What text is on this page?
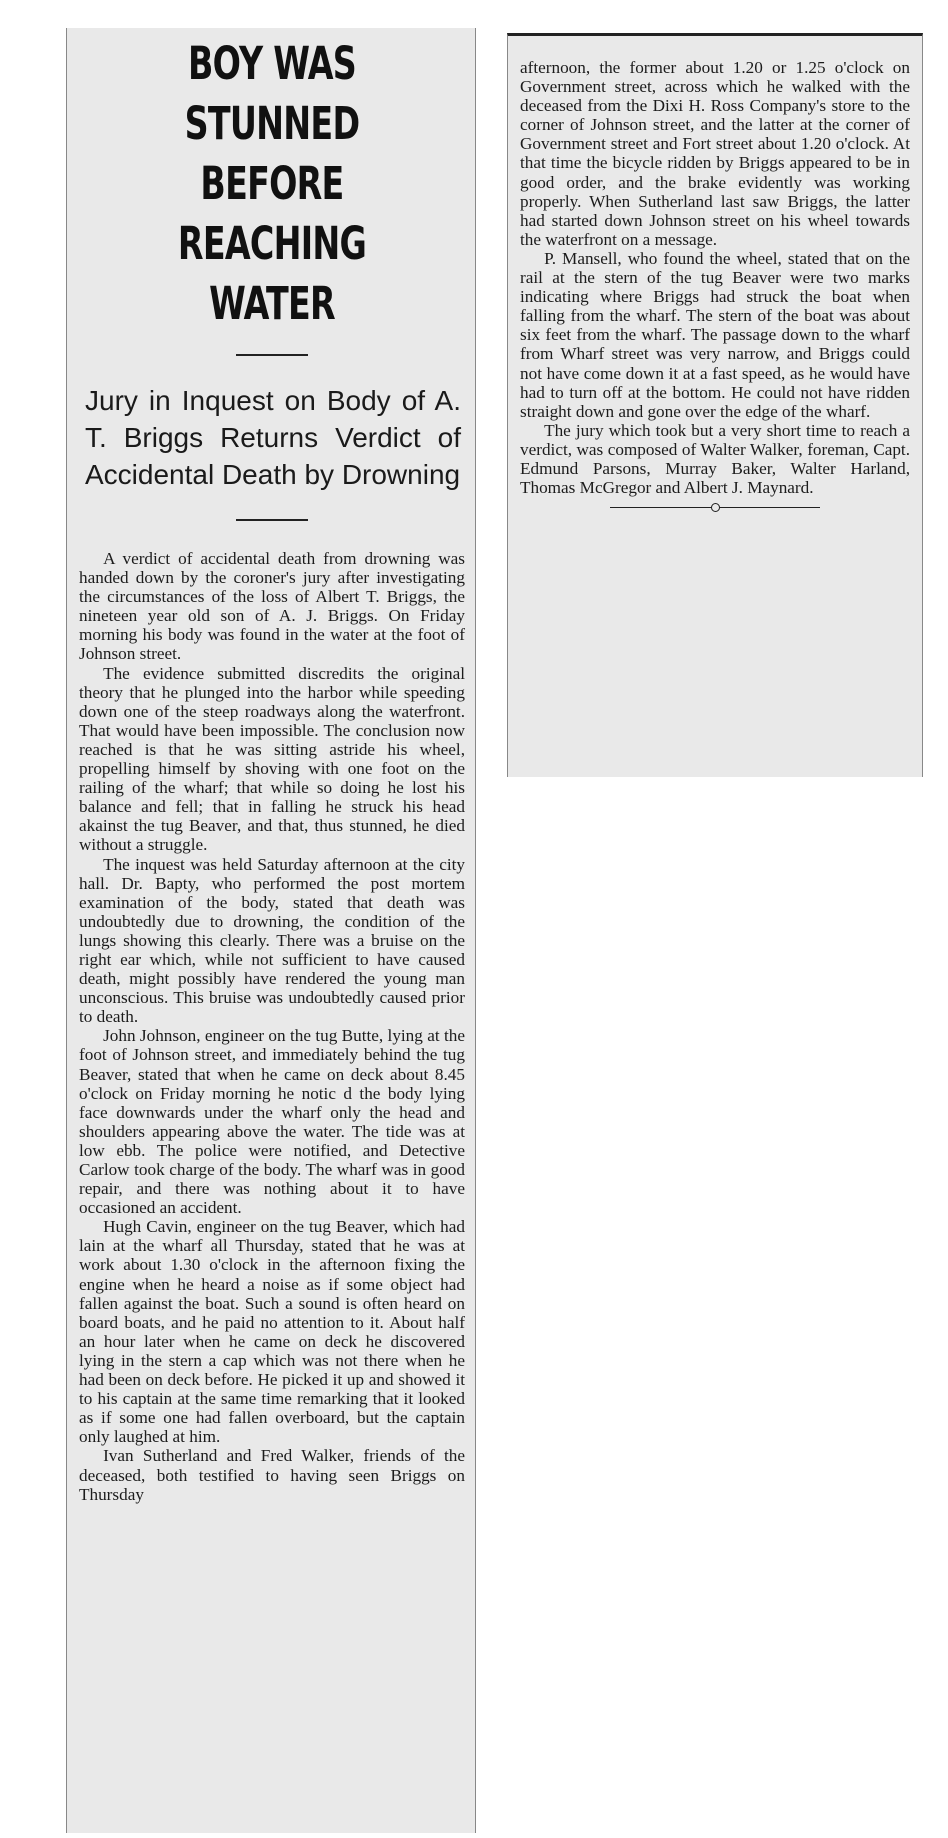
BOY WAS STUNNED
BEFORE REACHING
WATER
Jury in Inquest on Body of A. T. Briggs Returns Verdict of Accidental Death by Drowning

A verdict of accidental death from drowning was handed down by the coroner's jury after investigating the circumstances of the loss of Albert T. Briggs, the nineteen year old son of A. J. Briggs. On Friday morning his body was found in the water at the foot of Johnson street.

The evidence submitted discredits the original theory that he plunged into the harbor while speeding down one of the steep roadways along the waterfront. That would have been impossible. The conclusion now reached is that he was sitting astride his wheel, propelling himself by shoving with one foot on the railing of the wharf; that while so doing he lost his balance and fell; that in falling he struck his head akainst the tug Beaver, and that, thus stunned, he died without a struggle.

The inquest was held Saturday afternoon at the city hall. Dr. Bapty, who performed the post mortem examination of the body, stated that death was undoubtedly due to drowning, the condition of the lungs showing this clearly. There was a bruise on the right ear which, while not sufficient to have caused death, might possibly have rendered the young man unconscious. This bruise was undoubtedly caused prior to death.

John Johnson, engineer on the tug Butte, lying at the foot of Johnson street, and immediately behind the tug Beaver, stated that when he came on deck about 8.45 o'clock on Friday morning he notic d the body lying face downwards under the wharf only the head and shoulders appearing above the water. The tide was at low ebb. The police were notified, and Detective Carlow took charge of the body. The wharf was in good repair, and there was nothing about it to have occasioned an accident.

Hugh Cavin, engineer on the tug Beaver, which had lain at the wharf all Thursday, stated that he was at work about 1.30 o'clock in the afternoon fixing the engine when he heard a noise as if some object had fallen against the boat. Such a sound is often heard on board boats, and he paid no attention to it. About half an hour later when he came on deck he discovered lying in the stern a cap which was not there when he had been on deck before. He picked it up and showed it to his captain at the same time remarking that it looked as if some one had fallen overboard, but the captain only laughed at him.

Ivan Sutherland and Fred Walker, friends of the deceased, both testified to having seen Briggs on Thursday

afternoon, the former about 1.20 or 1.25 o'clock on Government street, across which he walked with the deceased from the Dixi H. Ross Company's store to the corner of Johnson street, and the latter at the corner of Government street and Fort street about 1.20 o'clock. At that time the bicycle ridden by Briggs appeared to be in good order, and the brake evidently was working properly. When Sutherland last saw Briggs, the latter had started down Johnson street on his wheel towards the waterfront on a message.

P. Mansell, who found the wheel, stated that on the rail at the stern of the tug Beaver were two marks indicating where Briggs had struck the boat when falling from the wharf. The stern of the boat was about six feet from the wharf. The passage down to the wharf from Wharf street was very narrow, and Briggs could not have come down it at a fast speed, as he would have had to turn off at the bottom. He could not have ridden straight down and gone over the edge of the wharf.

The jury which took but a very short time to reach a verdict, was composed of Walter Walker, foreman, Capt. Edmund Parsons, Murray Baker, Walter Harland, Thomas McGregor and Albert J. Maynard.
